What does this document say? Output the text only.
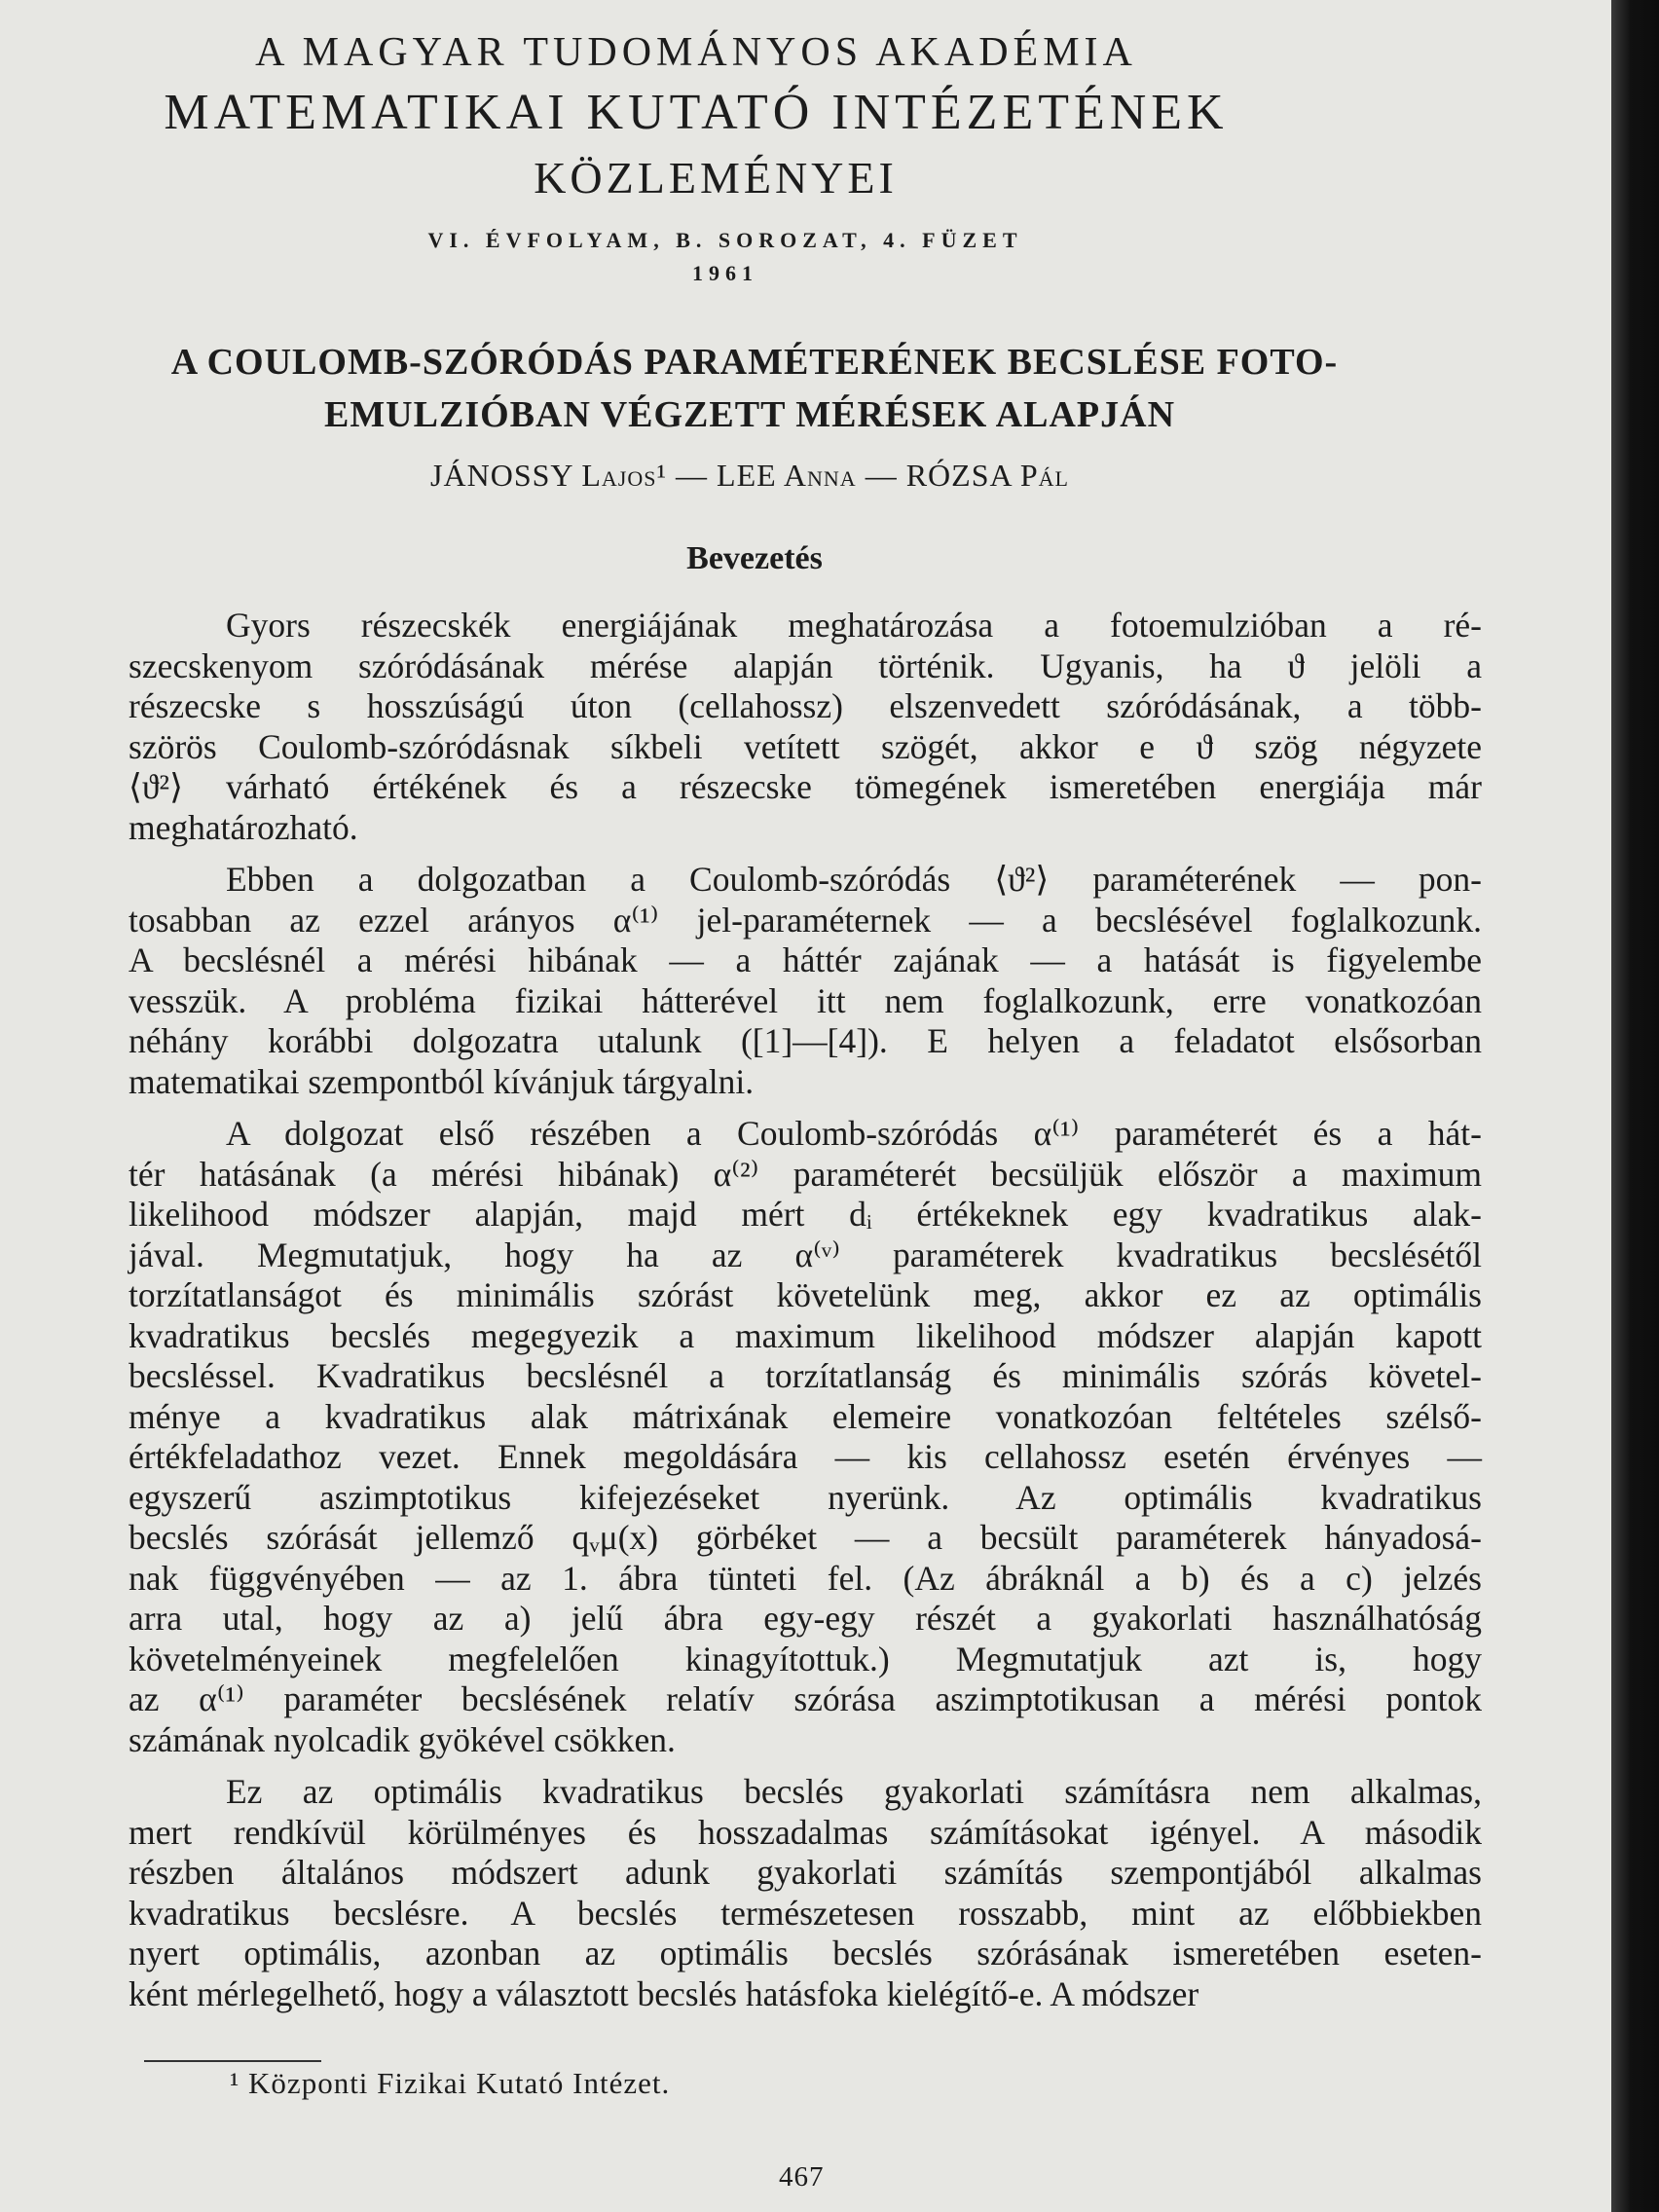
A MAGYAR TUDOMÁNYOS AKADÉMIA
MATEMATIKAI KUTATÓ INTÉZETÉNEK
KÖZLEMÉNYEI
VI. ÉVFOLYAM, B. SOROZAT, 4. FÜZET
1961
A COULOMB-SZÓRÓDÁS PARAMÉTERÉNEK BECSLÉSE FOTO-
EMULZIÓBAN VÉGZETT MÉRÉSEK ALAPJÁN
JÁNOSSY Lajos¹ — LEE Anna — RÓZSA Pál
Bevezetés
Gyors részecskék energiájának meghatározása a fotoemulzióban a ré-
szecskenyom szóródásának mérése alapján történik. Ugyanis, ha ϑ jelöli a
részecske s hosszúságú úton (cellahossz) elszenvedett szóródásának, a több-
szörös Coulomb-szóródásnak síkbeli vetített szögét, akkor e ϑ szög négyzete
⟨ϑ²⟩ várható értékének és a részecske tömegének ismeretében energiája már
meghatározható.
Ebben a dolgozatban a Coulomb-szóródás ⟨ϑ²⟩ paraméterének — pon-
tosabban az ezzel arányos α⁽¹⁾ jel-paraméternek — a becslésével foglalkozunk.
A becslésnél a mérési hibának — a háttér zajának — a hatását is figyelembe
vesszük. A probléma fizikai hátterével itt nem foglalkozunk, erre vonatkozóan
néhány korábbi dolgozatra utalunk ([1]—[4]). E helyen a feladatot elsősorban
matematikai szempontból kívánjuk tárgyalni.
A dolgozat első részében a Coulomb-szóródás α⁽¹⁾ paraméterét és a hát-
tér hatásának (a mérési hibának) α⁽²⁾ paraméterét becsüljük először a maximum
likelihood módszer alapján, majd mért dᵢ értékeknek egy kvadratikus alak-
jával. Megmutatjuk, hogy ha az α⁽ᵛ⁾ paraméterek kvadratikus becslésétől
torzítatlanságot és minimális szórást követelünk meg, akkor ez az optimális
kvadratikus becslés megegyezik a maximum likelihood módszer alapján kapott
becsléssel. Kvadratikus becslésnél a torzítatlanság és minimális szórás követel-
ménye a kvadratikus alak mátrixának elemeire vonatkozóan feltételes szélső-
értékfeladathoz vezet. Ennek megoldására — kis cellahossz esetén érvényes —
egyszerű aszimptotikus kifejezéseket nyerünk. Az optimális kvadratikus
becslés szórását jellemző qᵥμ(x) görbéket — a becsült paraméterek hányadosá-
nak függvényében — az 1. ábra tünteti fel. (Az ábráknál a b) és a c) jelzés
arra utal, hogy az a) jelű ábra egy-egy részét a gyakorlati használhatóság
követelményeinek megfelelően kinagyítottuk.) Megmutatjuk azt is, hogy
az α⁽¹⁾ paraméter becslésének relatív szórása aszimptotikusan a mérési pontok
számának nyolcadik gyökével csökken.
Ez az optimális kvadratikus becslés gyakorlati számításra nem alkalmas,
mert rendkívül körülményes és hosszadalmas számításokat igényel. A második
részben általános módszert adunk gyakorlati számítás szempontjából alkalmas
kvadratikus becslésre. A becslés természetesen rosszabb, mint az előbbiekben
nyert optimális, azonban az optimális becslés szórásának ismeretében eseten-
ként mérlegelhető, hogy a választott becslés hatásfoka kielégítő-e. A módszer
¹ Központi Fizikai Kutató Intézet.
467
